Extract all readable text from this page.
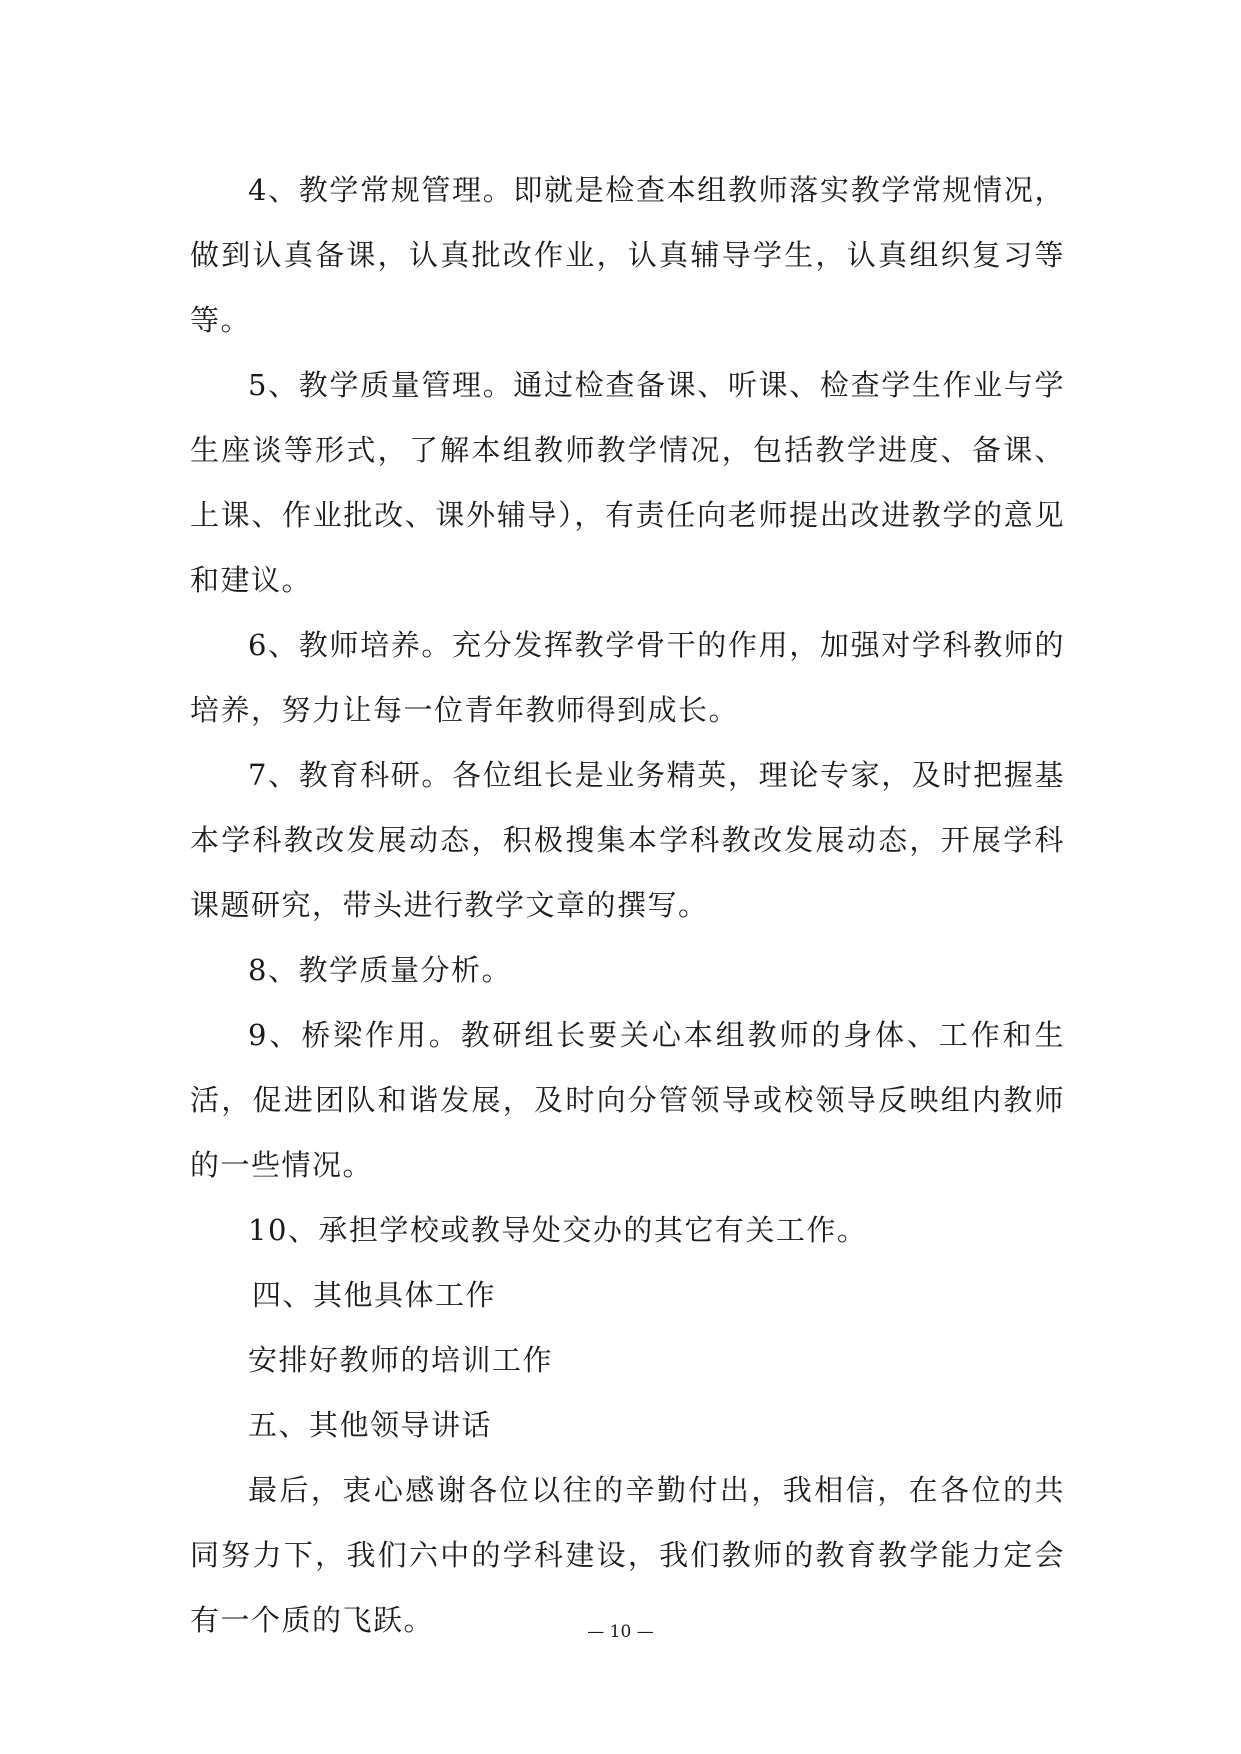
4、教学常规管理。即就是检查本组教师落实教学常规情况，做到认真备课，认真批改作业，认真辅导学生，认真组织复习等等。

5、教学质量管理。通过检查备课、听课、检查学生作业与学生座谈等形式，了解本组教师教学情况，包括教学进度、备课、上课、作业批改、课外辅导），有责任向老师提出改进教学的意见和建议。

6、教师培养。充分发挥教学骨干的作用，加强对学科教师的培养，努力让每一位青年教师得到成长。

7、教育科研。各位组长是业务精英，理论专家，及时把握基本学科教改发展动态，积极搜集本学科教改发展动态，开展学科课题研究，带头进行教学文章的撰写。

8、教学质量分析。

9、桥梁作用。教研组长要关心本组教师的身体、工作和生活，促进团队和谐发展，及时向分管领导或校领导反映组内教师的一些情况。

10、承担学校或教导处交办的其它有关工作。

四、其他具体工作

安排好教师的培训工作

五、其他领导讲话

最后，衷心感谢各位以往的辛勤付出，我相信，在各位的共同努力下，我们六中的学科建设，我们教师的教育教学能力定会有一个质的飞跃。	— 10 —
